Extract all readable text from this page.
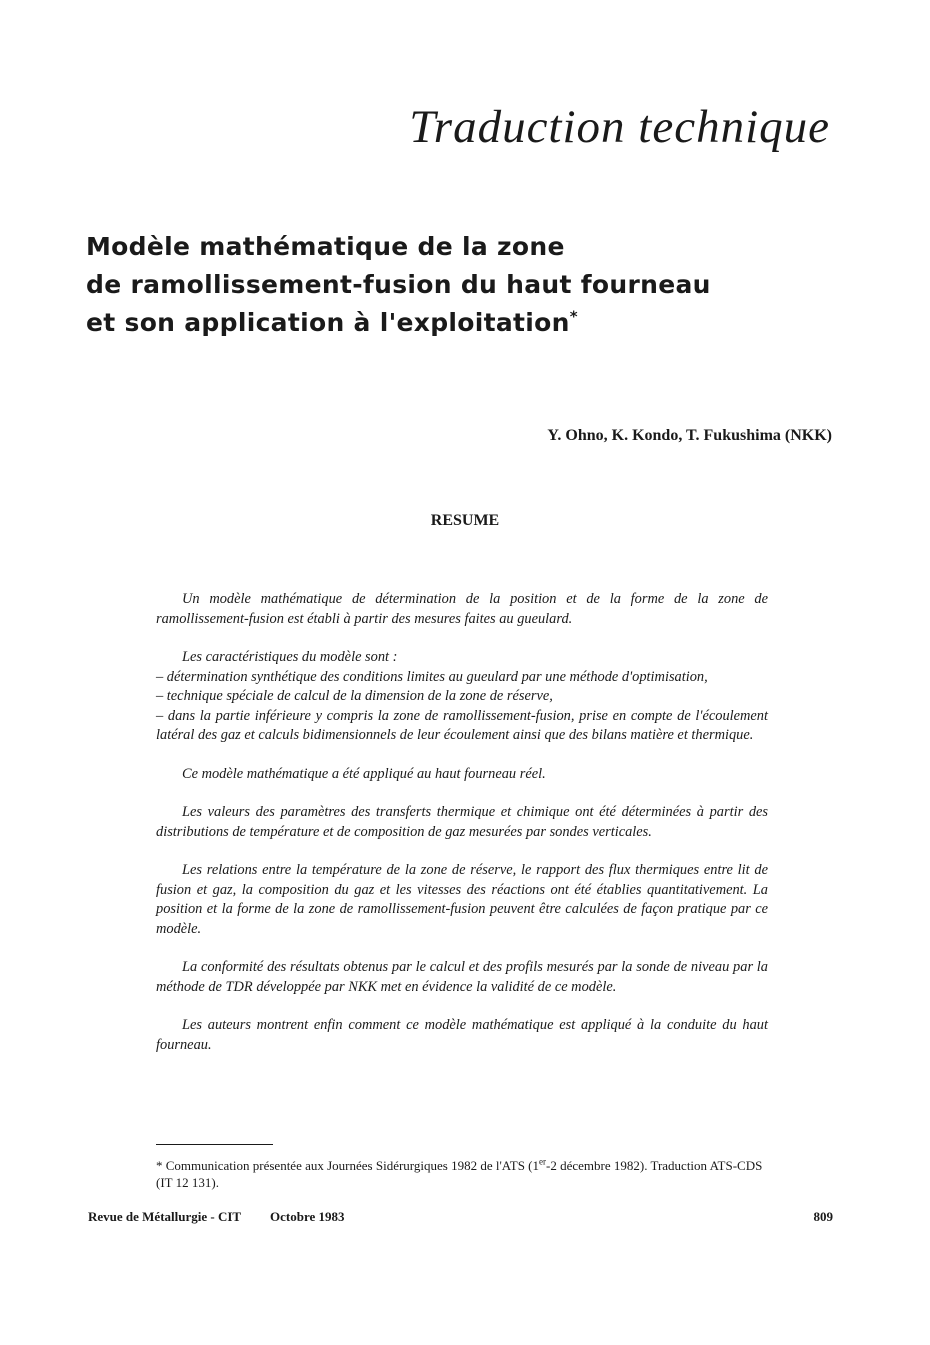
Traduction technique
Modèle mathématique de la zone
de ramollissement-fusion du haut fourneau
et son application à l'exploitation*
Y. Ohno, K. Kondo, T. Fukushima (NKK)
RESUME

Un modèle mathématique de détermination de la position et de la forme de la zone de ramollissement-fusion est établi à partir des mesures faites au gueulard.

Les caractéristiques du modèle sont :

– détermination synthétique des conditions limites au gueulard par une méthode d'optimisation,

– technique spéciale de calcul de la dimension de la zone de réserve,

– dans la partie inférieure y compris la zone de ramollissement-fusion, prise en compte de l'écoulement latéral des gaz et calculs bidimensionnels de leur écoulement ainsi que des bilans matière et thermique.

Ce modèle mathématique a été appliqué au haut fourneau réel.

Les valeurs des paramètres des transferts thermique et chimique ont été déterminées à partir des distributions de température et de composition de gaz mesurées par sondes verticales.

Les relations entre la température de la zone de réserve, le rapport des flux thermiques entre lit de fusion et gaz, la composition du gaz et les vitesses des réactions ont été établies quantitativement. La position et la forme de la zone de ramollissement-fusion peuvent être calculées de façon pratique par ce modèle.

La conformité des résultats obtenus par le calcul et des profils mesurés par la sonde de niveau par la méthode de TDR développée par NKK met en évidence la validité de ce modèle.

Les auteurs montrent enfin comment ce modèle mathématique est appliqué à la conduite du haut fourneau.

* Communication présentée aux Journées Sidérurgiques 1982 de l'ATS (1er-2 décembre 1982). Traduction ATS-CDS (IT 12 131).

Revue de Métallurgie - CIT Octobre 1983	809
